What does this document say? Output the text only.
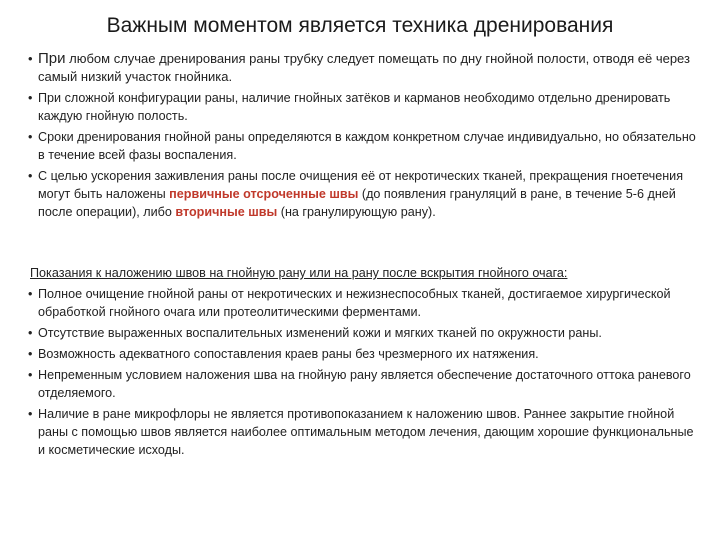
Важным моментом является техника дренирования
• При любом случае дренирования раны трубку следует помещать по дну гнойной полости, отводя её через самый низкий участок гнойника.
• При сложной конфигурации раны, наличие гнойных затёков и карманов необходимо отдельно дренировать каждую гнойную полость.
• Сроки дренирования гнойной раны определяются в каждом конкретном случае индивидуально, но обязательно в течение всей фазы воспаления.
• С целью ускорения заживления раны после очищения её от некротических тканей, прекращения гноетечения могут быть наложены первичные отсроченные швы (до появления грануляций в ране, в течение 5-6 дней после операции), либо вторичные швы (на гранулирующую рану).
Показания к наложению швов на гнойную рану или на рану после вскрытия гнойного очага:
• Полное очищение гнойной раны от некротических и нежизнеспособных тканей, достигаемое хирургической обработкой гнойного очага или протеолитическими ферментами.
• Отсутствие выраженных воспалительных изменений кожи и мягких тканей по окружности раны.
• Возможность адекватного сопоставления краев раны без чрезмерного их натяжения.
• Непременным условием наложения шва на гнойную рану является обеспечение достаточного оттока раневого отделяемого.
• Наличие в ране микрофлоры не является противопоказанием к наложению швов. Раннее закрытие гнойной раны с помощью швов является наиболее оптимальным методом лечения, дающим хорошие функциональные и косметические исходы.
